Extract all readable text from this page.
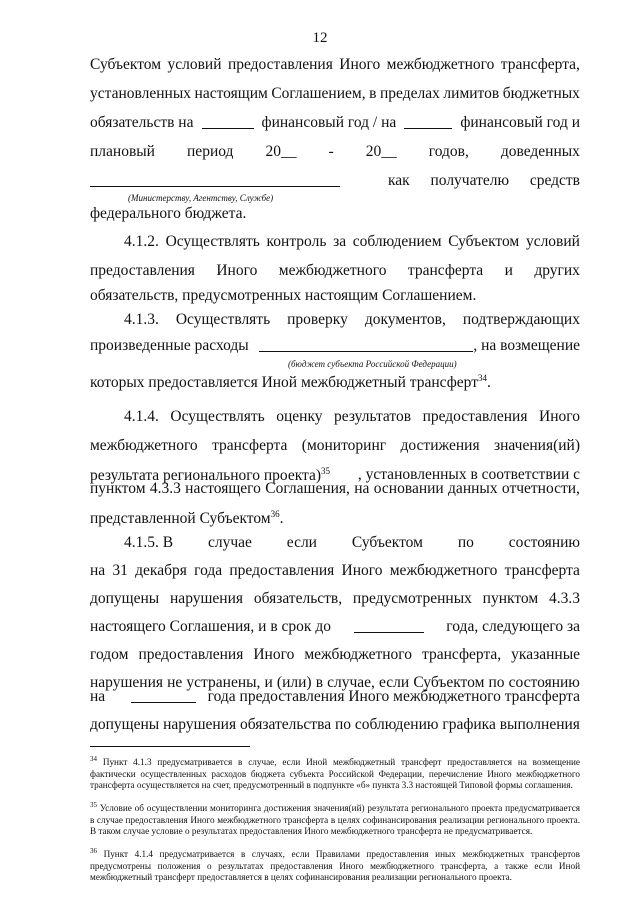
12
Субъектом условий предоставления Иного межбюджетного трансферта,
установленных настоящим Соглашением, в пределах лимитов бюджетных
обязательств на	финансовый год / на	финансовый год и
плановый период 20__ - 20__ годов, доведенных
как получателю средств
(Министерству, Агентству, Службе)
федерального бюджета.
4.1.2. Осуществлять контроль за соблюдением Субъектом условий
предоставления Иного межбюджетного трансферта и других
обязательств, предусмотренных настоящим Соглашением.
4.1.3. Осуществлять проверку документов, подтверждающих
произведенные расходы	, на возмещение
(бюджет субъекта Российской Федерации)
которых предоставляется Иной межбюджетный трансферт$^{34}$.
4.1.4. Осуществлять оценку результатов предоставления Иного
межбюджетного трансферта (мониторинг достижения значения(ий)
результата регионального проекта)$^{35}$ , установленных в соответствии с
пунктом 4.3.3 настоящего Соглашения, на основании данных отчетности,
представленной Субъектом$^{36}$.
4.1.5. В случае если Субъектом по состоянию
на 31 декабря года предоставления Иного межбюджетного трансферта
допущены нарушения обязательств, предусмотренных пунктом 4.3.3
настоящего Соглашения, и в срок до	года, следующего за
годом предоставления Иного межбюджетного трансферта, указанные
нарушения не устранены, и (или) в случае, если Субъектом по состоянию
на	года предоставления Иного межбюджетного трансферта
допущены нарушения обязательства по соблюдению графика выполнения
$^{34}$ Пункт 4.1.3 предусматривается в случае, если Иной межбюджетный трансферт предоставляется на возмещение фактически осуществленных расходов бюджета субъекта Российской Федерации, перечисление Иного межбюджетного трансферта осуществляется на счет, предусмотренный в подпункте «б» пункта 3.3 настоящей Типовой формы соглашения.
$^{35}$ Условие об осуществлении мониторинга достижения значения(ий) результата регионального проекта предусматривается в случае предоставления Иного межбюджетного трансферта в целях софинансирования реализации регионального проекта. В таком случае условие о результатах предоставления Иного межбюджетного трансферта не предусматривается.
$^{36}$ Пункт 4.1.4 предусматривается в случаях, если Правилами предоставления иных межбюджетных трансфертов предусмотрены положения о результатах предоставления Иного межбюджетного трансферта, а также если Иной межбюджетный трансферт предоставляется в целях софинансирования реализации регионального проекта.
